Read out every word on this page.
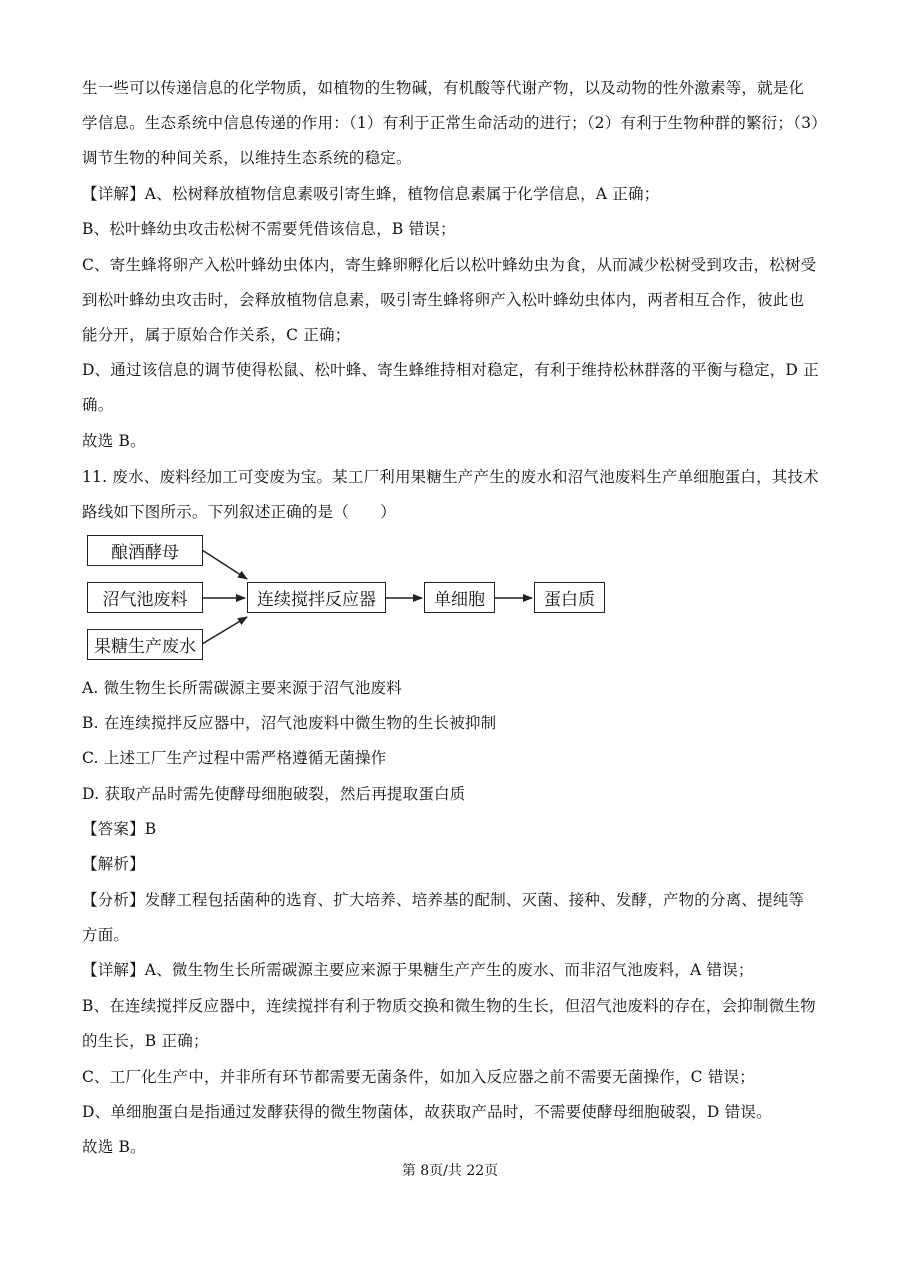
生一些可以传递信息的化学物质，如植物的生物碱，有机酸等代谢产物，以及动物的性外激素等，就是化
学信息。生态系统中信息传递的作用：（1）有利于正常生命活动的进行；（2）有利于生物种群的繁衍；（3）
调节生物的种间关系，以维持生态系统的稳定。
【详解】A、松树释放植物信息素吸引寄生蜂，植物信息素属于化学信息，A 正确；
B、松叶蜂幼虫攻击松树不需要凭借该信息，B 错误；
C、寄生蜂将卵产入松叶蜂幼虫体内，寄生蜂卵孵化后以松叶蜂幼虫为食，从而减少松树受到攻击，松树受
到松叶蜂幼虫攻击时，会释放植物信息素，吸引寄生蜂将卵产入松叶蜂幼虫体内，两者相互合作，彼此也
能分开，属于原始合作关系，C 正确；
D、通过该信息的调节使得松鼠、松叶蜂、寄生蜂维持相对稳定，有利于维持松林群落的平衡与稳定，D 正
确。
故选 B。
11. 废水、废料经加工可变废为宝。某工厂利用果糖生产产生的废水和沼气池废料生产单细胞蛋白，其技术
路线如下图所示。下列叙述正确的是（　　）
酿酒酵母
沼气池废料
果糖生产废水
连续搅拌反应器	单细胞	蛋白质
A. 微生物生长所需碳源主要来源于沼气池废料
B. 在连续搅拌反应器中，沼气池废料中微生物的生长被抑制
C. 上述工厂生产过程中需严格遵循无菌操作
D. 获取产品时需先使酵母细胞破裂，然后再提取蛋白质
【答案】B
【解析】
【分析】发酵工程包括菌种的选育、扩大培养、培养基的配制、灭菌、接种、发酵，产物的分离、提纯等
方面。
【详解】A、微生物生长所需碳源主要应来源于果糖生产产生的废水、而非沼气池废料，A 错误；
B、在连续搅拌反应器中，连续搅拌有利于物质交换和微生物的生长，但沼气池废料的存在，会抑制微生物
的生长，B 正确；
C、工厂化生产中，并非所有环节都需要无菌条件，如加入反应器之前不需要无菌操作，C 错误；
D、单细胞蛋白是指通过发酵获得的微生物菌体，故获取产品时，不需要使酵母细胞破裂，D 错误。
故选 B。
第 8页/共 22页
